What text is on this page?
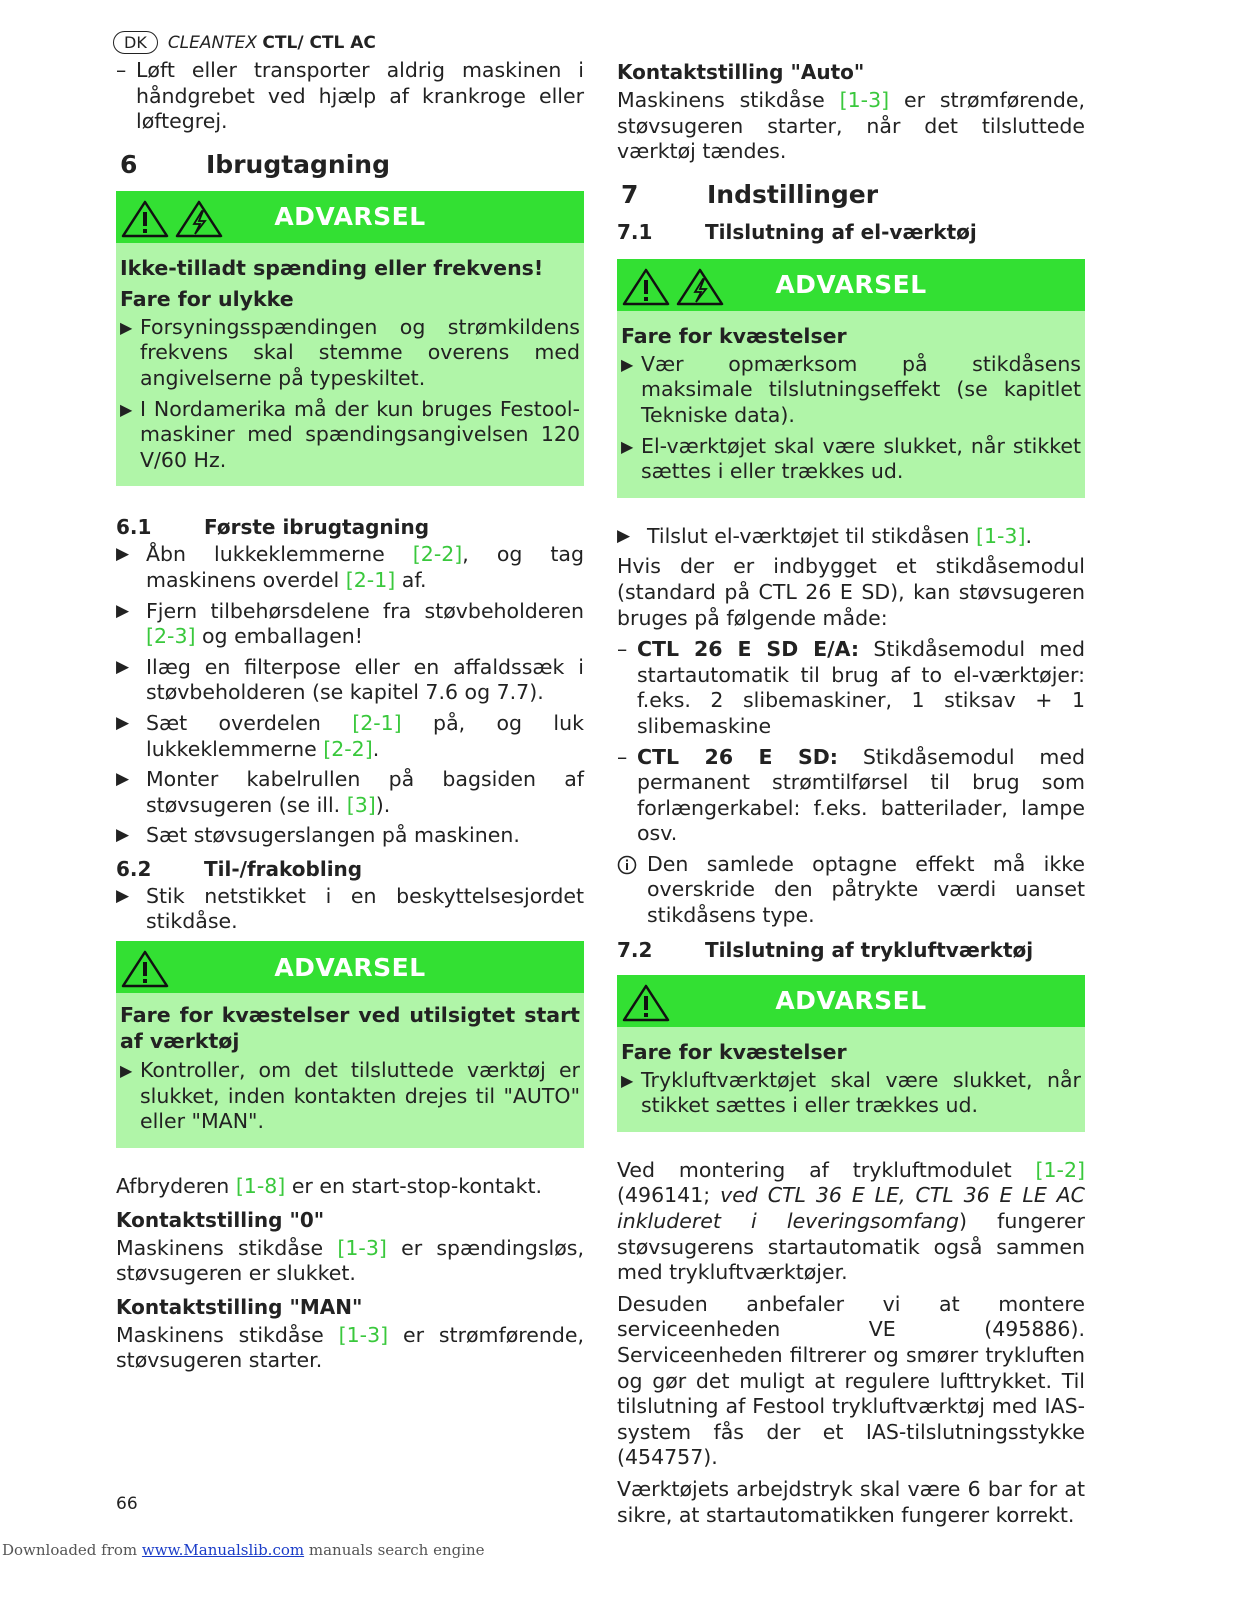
DK	CLEANTEX
CTL/ CTL AC
– Løft eller transporter aldrig maskinen i håndgrebet ved hjælp af krankroge eller løftegrej.
6	Ibrugtagning
ADVARSEL
Ikke-tilladt spænding eller frekvens!
Fare for ulykke
▶ Forsyningsspændingen og strømkildens frekvens skal stemme overens med angivelserne på typeskiltet.
▶ I Nordamerika må der kun bruges Festool-maskiner med spændingsangivelsen 120 V/60 Hz.
6.1	Første ibrugtagning
▶ Åbn lukkeklemmerne [2-2], og tag maskinens overdel [2-1] af.
▶ Fjern tilbehørsdelene fra støvbeholderen [2-3] og emballagen!
▶ Ilæg en filterpose eller en affaldssæk i støvbeholderen (se kapitel 7.6 og 7.7).
▶ Sæt overdelen [2-1] på, og luk lukkeklemmerne [2-2].
▶ Monter kabelrullen på bagsiden af støvsugeren (se ill. [3]).
▶ Sæt støvsugerslangen på maskinen.
6.2	Til-/frakobling
▶ Stik netstikket i en beskyttelsesjordet stikdåse.
ADVARSEL
Fare for kvæstelser ved utilsigtet start af værktøj
▶ Kontroller, om det tilsluttede værktøj er slukket, inden kontakten drejes til "AUTO" eller "MAN".

Afbryderen [1-8] er en start-stop-kontakt.

Kontaktstilling "0"

Maskinens stikdåse [1-3] er spændingsløs, støvsugeren er slukket.

Kontaktstilling "MAN"

Maskinens stikdåse [1-3] er strømførende, støvsugeren starter.

Kontaktstilling "Auto"

Maskinens stikdåse [1-3] er strømførende, støvsugeren starter, når det tilsluttede værktøj tændes.

7	Indstillinger
7.1	Tilslutning af el-værktøj
ADVARSEL
Fare for kvæstelser
▶ Vær opmærksom på stikdåsens maksimale tilslutningseffekt (se kapitlet Tekniske data).
▶ El-værktøjet skal være slukket, når stikket sættes i eller trækkes ud.
▶ Tilslut el-værktøjet til stikdåsen [1-3].

Hvis der er indbygget et stikdåsemodul (standard på CTL 26 E SD), kan støvsugeren bruges på følgende måde:

– CTL 26 E SD E/A: Stikdåsemodul med startautomatik til brug af to el-værktøjer: f.eks. 2 slibemaskiner, 1 stiksav + 1 slibemaskine
– CTL 26 E SD: Stikdåsemodul med permanent strømtilførsel til brug som forlængerkabel: f.eks. batterilader, lampe osv.
Den samlede optagne effekt må ikke overskride den påtrykte værdi uanset stikdåsens type.
7.2	Tilslutning af trykluftværktøj
ADVARSEL
Fare for kvæstelser
▶ Trykluftværktøjet skal være slukket, når stikket sættes i eller trækkes ud.

Ved montering af trykluftmodulet [1-2] (496141; ved CTL 36 E LE, CTL 36 E LE AC inkluderet i leveringsomfang) fungerer støvsugerens startautomatik også sammen med trykluftværktøjer.

Desuden anbefaler vi at montere serviceenheden VE (495886). Serviceenheden filtrerer og smører trykluften og gør det muligt at regulere lufttrykket. Til tilslutning af Festool trykluftværktøj med IAS-system fås der et IAS-tilslutningsstykke (454757).

Værktøjets arbejdstryk skal være 6 bar for at sikre, at startautomatikken fungerer korrekt.

66
Downloaded from www.Manualslib.com manuals search engine
